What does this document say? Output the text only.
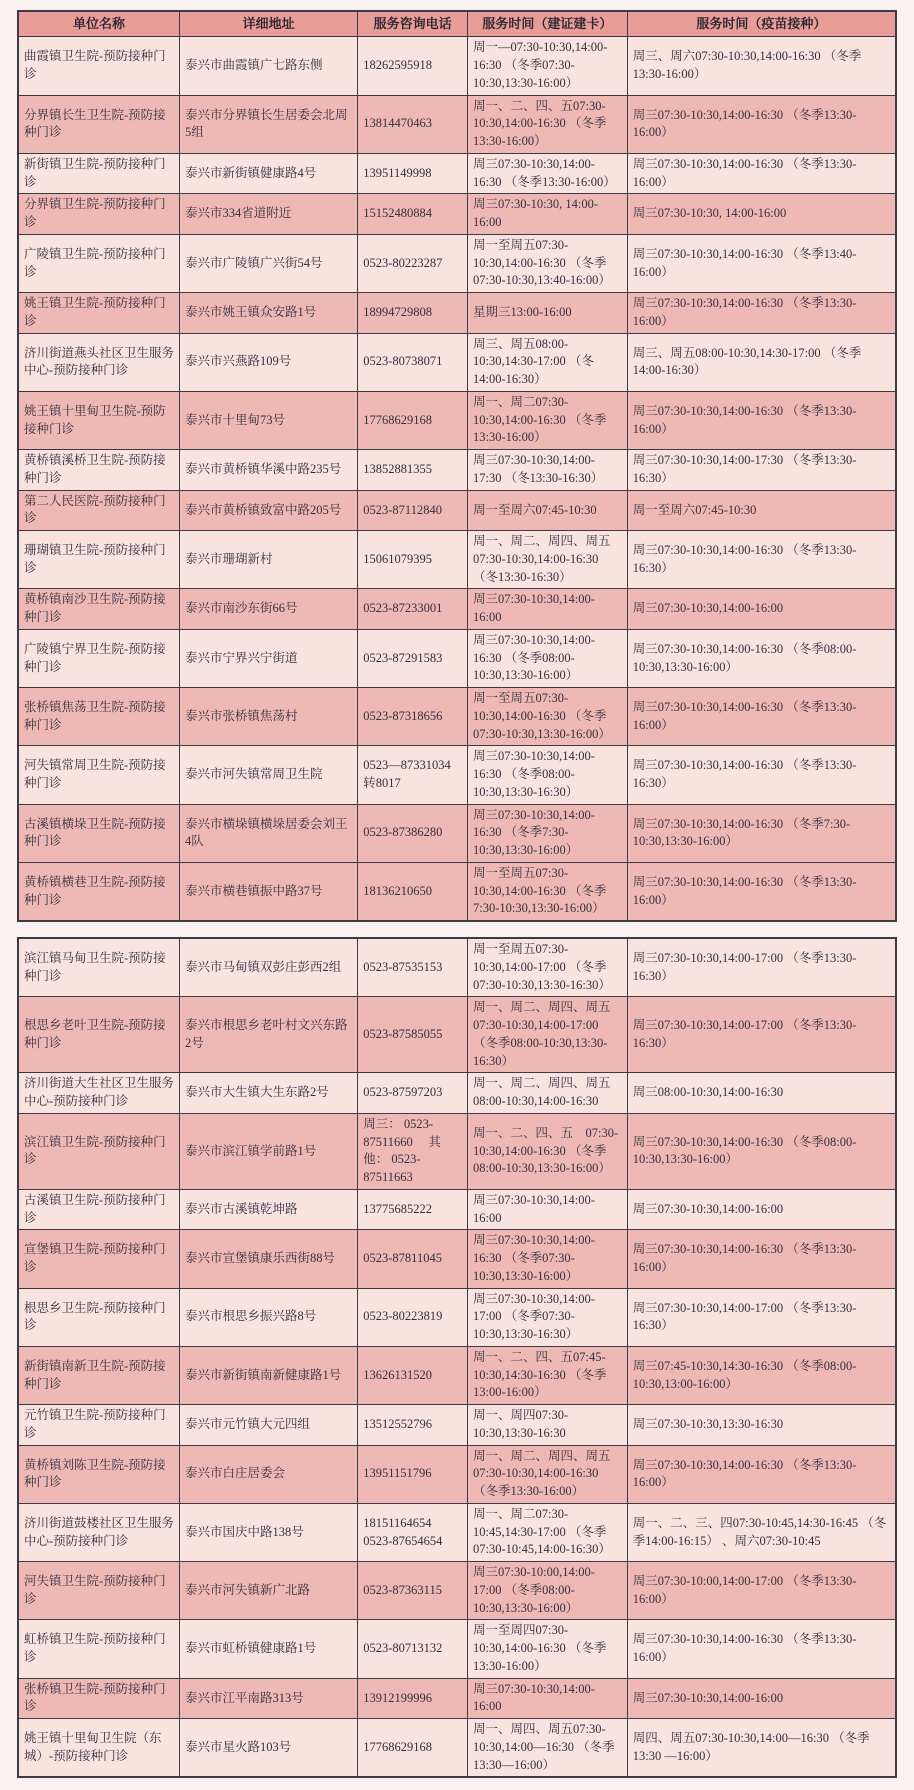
单位名称	详细地址	服务咨询电话	服务时间（建证建卡）	服务时间（疫苗接种）
曲霞镇卫生院-预防接种门诊	泰兴市曲霞镇广七路东侧	18262595918	周一—07:30-10:30,14:00-16:30 （冬季07:30-10:30,13:30-16:00）	周三、周六07:30-10:30,14:00-16:30 （冬季13:30-16:00）
分界镇长生卫生院-预防接种门诊	泰兴市分界镇长生居委会北周5组	13814470463	周一、二、四、五07:30-10:30,14:00-16:30 （冬季13:30-16:00）	周三07:30-10:30,14:00-16:30 （冬季13:30-16:00）
新街镇卫生院-预防接种门诊	泰兴市新街镇健康路4号	13951149998	周三07:30-10:30,14:00-16:30 （冬季13:30-16:00）	周三07:30-10:30,14:00-16:30 （冬季13:30-16:00）
分界镇卫生院-预防接种门诊	泰兴市334省道附近	15152480884	周三07:30-10:30, 14:00-16:00	周三07:30-10:30, 14:00-16:00
广陵镇卫生院-预防接种门诊	泰兴市广陵镇广兴街54号	0523-80223287	周一至周五07:30-10:30,14:00-16:30 （冬季07:30-10:30,13:40-16:00）	周三07:30-10:30,14:00-16:30 （冬季13:40-16:00）
姚王镇卫生院-预防接种门诊	泰兴市姚王镇众安路1号	18994729808	星期三13:00-16:00	周三07:30-10:30,14:00-16:30 （冬季13:30-16:00）
济川街道燕头社区卫生服务中心-预防接种门诊	泰兴市兴燕路109号	0523-80738071	周三、周五08:00-10:30,14:30-17:00 （冬14:00-16:30）	周三、周五08:00-10:30,14:30-17:00 （冬季14:00-16:30）
姚王镇十里甸卫生院-预防接种门诊	泰兴市十里甸73号	17768629168	周一、周二07:30-10:30,14:00-16:30 （冬季13:30-16:00）	周三07:30-10:30,14:00-16:30 （冬季13:30-16:00）
黄桥镇溪桥卫生院-预防接种门诊	泰兴市黄桥镇华溪中路235号	13852881355	周三07:30-10:30,14:00-17:30 （冬13:30-16:30）	周三07:30-10:30,14:00-17:30 （冬季13:30-16:30）
第二人民医院-预防接种门诊	泰兴市黄桥镇致富中路205号	0523-87112840	周一至周六07:45-10:30	周一至周六07:45-10:30
珊瑚镇卫生院-预防接种门诊	泰兴市珊瑚新村	15061079395	周一、周二、周四、周五07:30-10:30,14:00-16:30 （冬13:30-16:30）	周三07:30-10:30,14:00-16:30 （冬季13:30-16:30）
黄桥镇南沙卫生院-预防接种门诊	泰兴市南沙东街66号	0523-87233001	周三07:30-10:30,14:00-16:00	周三07:30-10:30,14:00-16:00
广陵镇宁界卫生院-预防接种门诊	泰兴市宁界兴宁街道	0523-87291583	周三07:30-10:30,14:00-16:30 （冬季08:00-10:30,13:30-16:00）	周三07:30-10:30,14:00-16:30 （冬季08:00-10:30,13:30-16:00）
张桥镇焦荡卫生院-预防接种门诊	泰兴市张桥镇焦荡村	0523-87318656	周一至周五07:30-10:30,14:00-16:30 （冬季07:30-10:30,13:30-16:00）	周三07:30-10:30,14:00-16:30 （冬季13:30-16:00）
河失镇常周卫生院-预防接种门诊	泰兴市河失镇常周卫生院	0523—87331034转8017	周三07:30-10:30,14:00-16:30 （冬季08:00-10:30,13:30-16:30）	周三07:30-10:30,14:00-16:30 （冬季13:30-16:30）
古溪镇横垛卫生院-预防接种门诊	泰兴市横垛镇横垛居委会刘王4队	0523-87386280	周三07:30-10:30,14:00-16:30 （冬季7:30-10:30,13:30-16:00）	周三07:30-10:30,14:00-16:30 （冬季7:30-10:30,13:30-16:00）
黄桥镇横巷卫生院-预防接种门诊	泰兴市横巷镇振中路37号	18136210650	周一至周五07:30-10:30,14:00-16:30 （冬季7:30-10:30,13:30-16:00）	周三07:30-10:30,14:00-16:30 （冬季13:30-16:00）
滨江镇马甸卫生院-预防接种门诊	泰兴市马甸镇双彭庄彭西2组	0523-87535153	周一至周五07:30-10:30,14:00-17:00 （冬季07:30-10:30,13:30-16:30）	周三07:30-10:30,14:00-17:00 （冬季13:30-16:30）
根思乡老叶卫生院-预防接种门诊	泰兴市根思乡老叶村文兴东路2号	0523-87585055	周一、周二、周四、周五07:30-10:30,14:00-17:00 （冬季08:00-10:30,13:30-16:30）	周三07:30-10:30,14:00-17:00 （冬季13:30-16:30）
济川街道大生社区卫生服务中心-预防接种门诊	泰兴市大生镇大生东路2号	0523-87597203	周一、周二、周四、周五08:00-10:30,14:00-16:30	周三08:00-10:30,14:00-16:30
滨江镇卫生院-预防接种门诊	泰兴市滨江镇学前路1号	周三： 0523-87511660　 其他： 0523-87511663	周一、二、四、五　07:30-10:30,14:00-16:30 （冬季08:00-10:30,13:30-16:00）	周三07:30-10:30,14:00-16:30 （冬季08:00-10:30,13:30-16:00）
古溪镇卫生院-预防接种门诊	泰兴市古溪镇乾坤路	13775685222	周三07:30-10:30,14:00-16:00	周三07:30-10:30,14:00-16:00
宣堡镇卫生院-预防接种门诊	泰兴市宣堡镇康乐西街88号	0523-87811045	周三07:30-10:30,14:00-16:30 （冬季07:30-10:30,13:30-16:00）	周三07:30-10:30,14:00-16:30 （冬季13:30-16:00）
根思乡卫生院-预防接种门诊	泰兴市根思乡振兴路8号	0523-80223819	周三07:30-10:30,14:00-17:00 （冬季07:30-10:30,13:30-16:30）	周三07:30-10:30,14:00-17:00 （冬季13:30-16:30）
新街镇南新卫生院-预防接种门诊	泰兴市新街镇南新健康路1号	13626131520	周一、二、四、五07:45-10:30,14:30-16:30 （冬季13:00-16:00）	周三07:45-10:30,14:30-16:30 （冬季08:00-10:30,13:00-16:00）
元竹镇卫生院-预防接种门诊	泰兴市元竹镇大元四组	13512552796	周一、周四07:30-10:30,13:30-16:30	周三07:30-10:30,13:30-16:30
黄桥镇刘陈卫生院-预防接种门诊	泰兴市白庄居委会	13951151796	周一、周二、周四、周五07:30-10:30,14:00-16:30 （冬季13:30-16:00）	周三07:30-10:30,14:00-16:30 （冬季13:30-16:00）
济川街道鼓楼社区卫生服务中心-预防接种门诊	泰兴市国庆中路138号	18151164654 0523-87654654	周一、周二07:30-10:45,14:30-17:00 （冬季07:30-10:45,14:00-16:30）	周一、二、三、四07:30-10:45,14:30-16:45 （冬季14:00-16:15） 、周六07:30-10:45
河失镇卫生院-预防接种门诊	泰兴市河失镇新广北路	0523-87363115	周三07:30-10:00,14:00-17:00 （冬季08:00-10:30,13:30-16:00）	周三07:30-10:00,14:00-17:00 （冬季13:30-16:00）
虹桥镇卫生院-预防接种门诊	泰兴市虹桥镇健康路1号	0523-80713132	周一至周四07:30-10:30,14:00-16:30 （冬季13:30-16:00）	周三07:30-10:30,14:00-16:30 （冬季13:30-16:00）
张桥镇卫生院-预防接种门诊	泰兴市江平南路313号	13912199996	周三07:30-10:30,14:00-16:00	周三07:30-10:30,14:00-16:00
姚王镇十里甸卫生院（东城）-预防接种门诊	泰兴市星火路103号	17768629168	周一、周四、周五07:30-10:30,14:00—16:30 （冬季13:30—16:00）	周四、周五07:30-10:30,14:00—16:30 （冬季13:30 —16:00）
